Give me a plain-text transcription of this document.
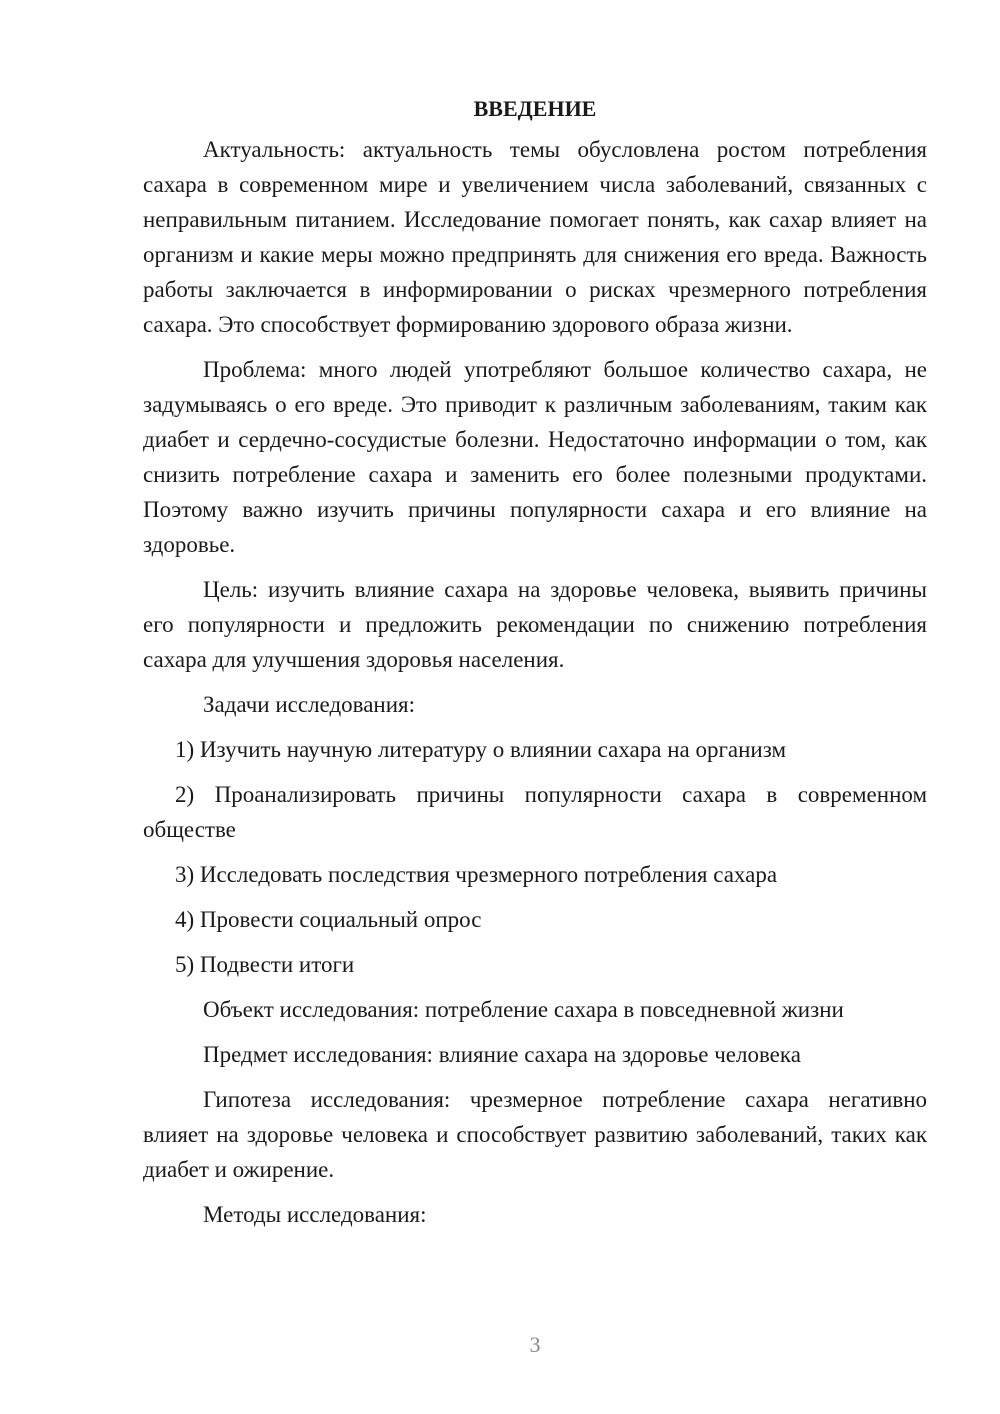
ВВЕДЕНИЕ

Актуальность: актуальность темы обусловлена ростом потребления сахара в современном мире и увеличением числа заболеваний, связанных с неправильным питанием. Исследование помогает понять, как сахар влияет на организм и какие меры можно предпринять для снижения его вреда. Важность работы заключается в информировании о рисках чрезмерного потребления сахара. Это способствует формированию здорового образа жизни.

Проблема: много людей употребляют большое количество сахара, не задумываясь о его вреде. Это приводит к различным заболеваниям, таким как диабет и сердечно-сосудистые болезни. Недостаточно информации о том, как снизить потребление сахара и заменить его более полезными продуктами. Поэтому важно изучить причины популярности сахара и его влияние на здоровье.

Цель: изучить влияние сахара на здоровье человека, выявить причины его популярности и предложить рекомендации по снижению потребления сахара для улучшения здоровья населения.

Задачи исследования:

1) Изучить научную литературу о влиянии сахара на организм

2) Проанализировать причины популярности сахара в современном обществе

3) Исследовать последствия чрезмерного потребления сахара

4) Провести социальный опрос

5) Подвести итоги

Объект исследования: потребление сахара в повседневной жизни

Предмет исследования: влияние сахара на здоровье человека

Гипотеза исследования: чрезмерное потребление сахара негативно влияет на здоровье человека и способствует развитию заболеваний, таких как диабет и ожирение.

Методы исследования:

3
